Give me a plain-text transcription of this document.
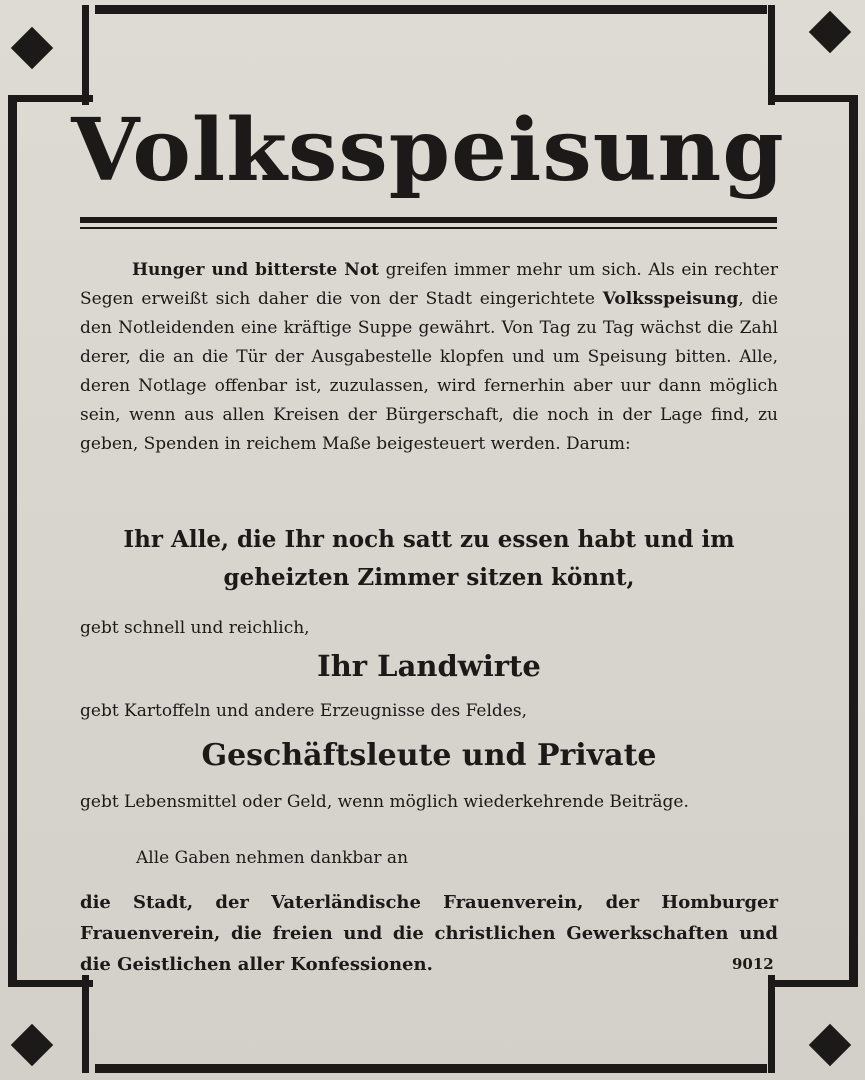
Volksspeisung
Hunger und bitterste Not greifen immer mehr um sich. Als ein rechter Segen erweißt sich daher die von der Stadt eingerichtete Volksspeisung, die den Notleidenden eine kräftige Suppe gewährt. Von Tag zu Tag wächst die Zahl derer, die an die Tür der Ausgabestelle klopfen und um Speisung bitten. Alle, deren Notlage offenbar ist, zuzulassen, wird fernerhin aber uur dann möglich sein, wenn aus allen Kreisen der Bürgerschaft, die noch in der Lage find, zu geben, Spenden in reichem Maße beigesteuert werden. Darum:
Ihr Alle, die Ihr noch satt zu essen habt und im
geheizten Zimmer sitzen könnt,
gebt schnell und reichlich,
Ihr Landwirte
gebt Kartoffeln und andere Erzeugnisse des Feldes,
Geschäftsleute und Private
gebt Lebensmittel oder Geld, wenn möglich wiederkehrende Beiträge.
Alle Gaben nehmen dankbar an
die Stadt, der Vaterländische Frauenverein, der Homburger Frauenverein, die freien und die christlichen Gewerkschaften und die Geistlichen aller Konfessionen.	9012
